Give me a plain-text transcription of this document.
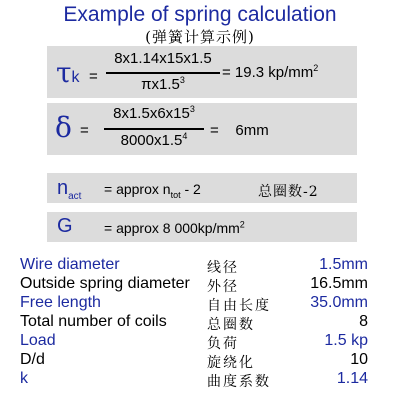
Example of spring calculation
(弹簧计算示例)
τk =
8x1.14x15x1.5
$\pi x1.5^3$	= 19.3 $kp/mm^2$
δ =
$8x1.5x6x15^3$
$8000x1.5^4$	=    6mm
$n_{act}$ = approx $n_{tot} - 2$	总圈数-2
G = approx 8 $000kp/mm^2$
Wire diameter	线径	1.5mm
Outside spring diameter 外径	16.5mm
Free length	自由长度 35.0mm
Total number of coils	总圈数	8
Load	负荷	1.5 kp
D/d	旋绕化	10
k	曲度系数	1.14
